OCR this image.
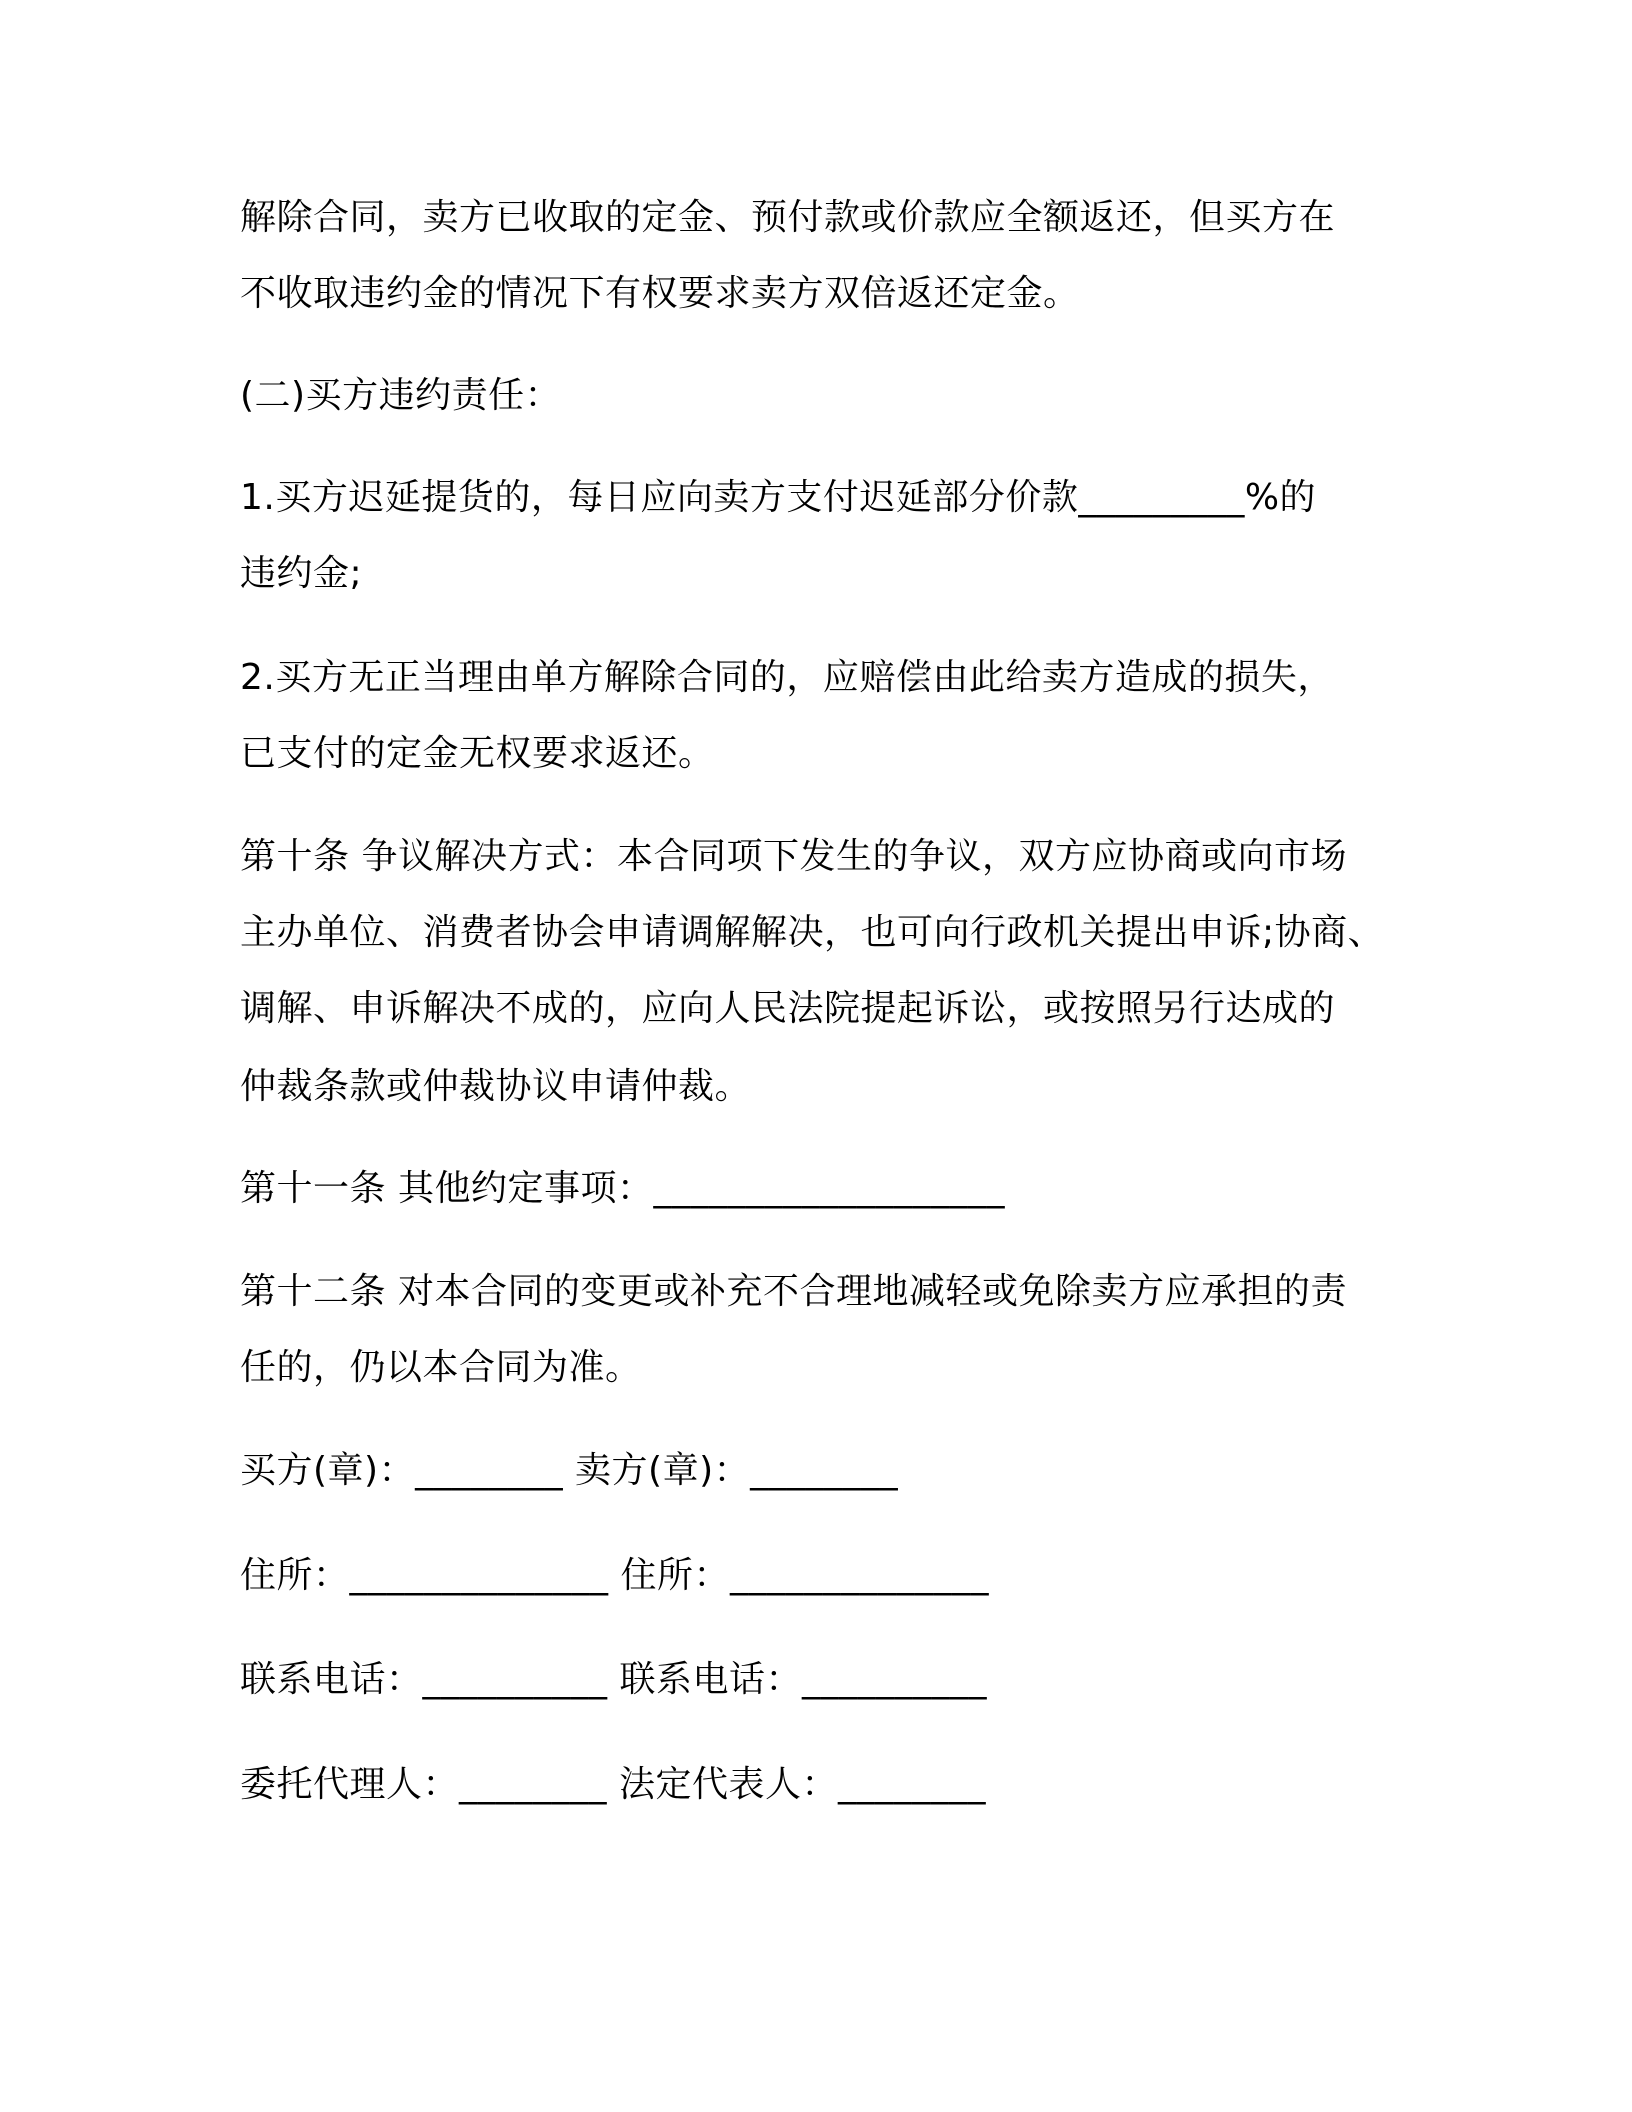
解除合同，卖方已收取的定金、预付款或价款应全额返还，但买方在
不收取违约金的情况下有权要求卖方双倍返还定金。
(二)买方违约责任：
1.买方迟延提货的，每日应向卖方支付迟延部分价款_________%的
违约金;
2.买方无正当理由单方解除合同的，应赔偿由此给卖方造成的损失，
已支付的定金无权要求返还。
第十条 争议解决方式：本合同项下发生的争议，双方应协商或向市场
主办单位、消费者协会申请调解解决，也可向行政机关提出申诉;协商、
调解、申诉解决不成的，应向人民法院提起诉讼，或按照另行达成的
仲裁条款或仲裁协议申请仲裁。
第十一条 其他约定事项：___________________
第十二条 对本合同的变更或补充不合理地减轻或免除卖方应承担的责
任的，仍以本合同为准。
买方(章)：________ 卖方(章)：________
住所：______________ 住所：______________
联系电话：__________ 联系电话：__________
委托代理人：________ 法定代表人：________
